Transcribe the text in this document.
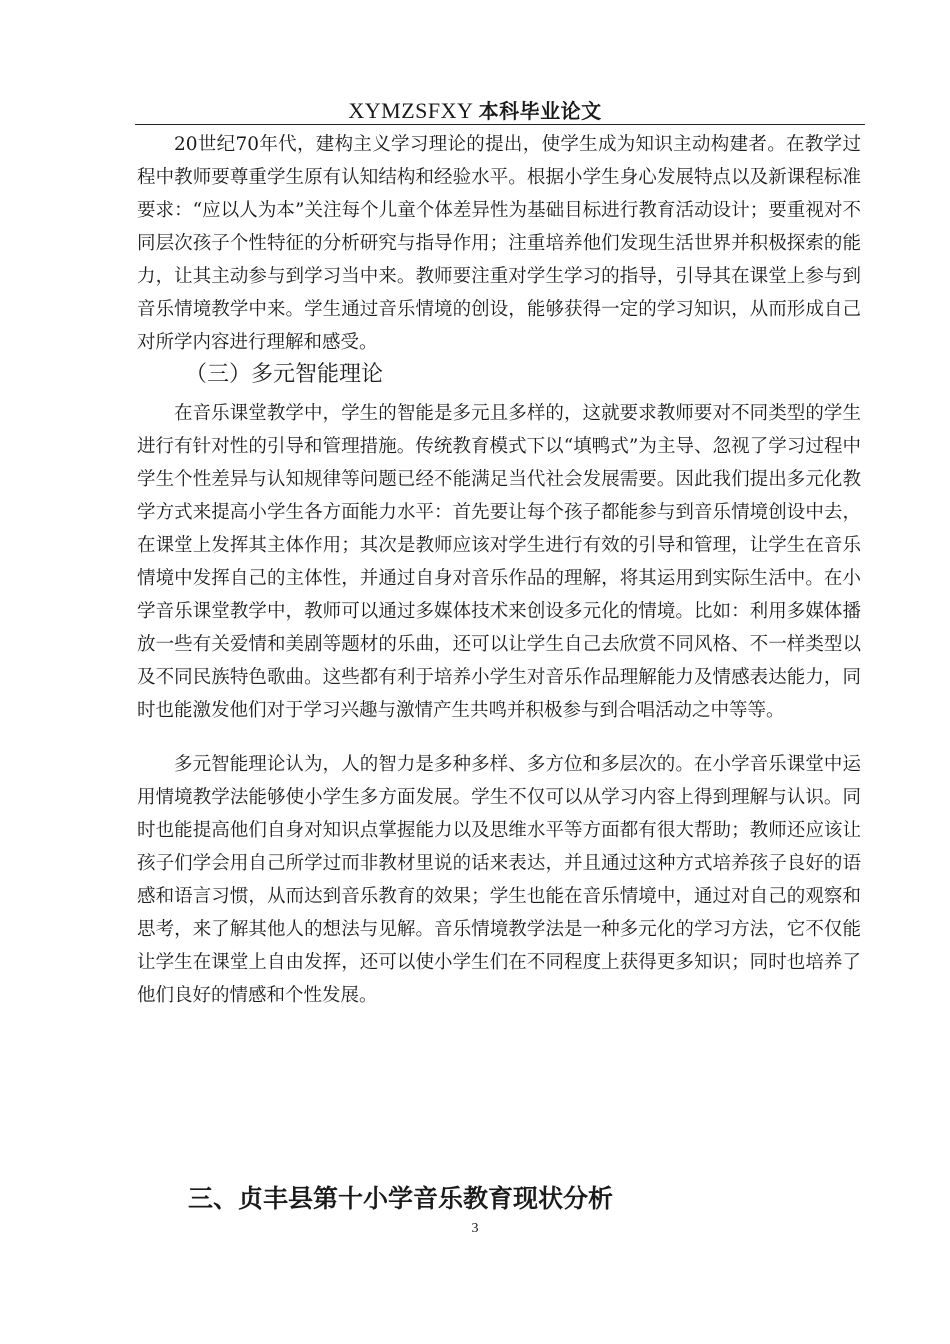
XYMZSFXY 本科毕业论文

20世纪70年代，建构主义学习理论的提出，使学生成为知识主动构建者。在教学过程中教师要尊重学生原有认知结构和经验水平。根据小学生身心发展特点以及新课程标准要求：“应以人为本”关注每个儿童个体差异性为基础目标进行教育活动设计；要重视对不同层次孩子个性特征的分析研究与指导作用；注重培养他们发现生活世界并积极探索的能力，让其主动参与到学习当中来。教师要注重对学生学习的指导，引导其在课堂上参与到音乐情境教学中来。学生通过音乐情境的创设，能够获得一定的学习知识，从而形成自己对所学内容进行理解和感受。

（三）多元智能理论

在音乐课堂教学中，学生的智能是多元且多样的，这就要求教师要对不同类型的学生进行有针对性的引导和管理措施。传统教育模式下以“填鸭式”为主导、忽视了学习过程中学生个性差异与认知规律等问题已经不能满足当代社会发展需要。因此我们提出多元化教学方式来提高小学生各方面能力水平：首先要让每个孩子都能参与到音乐情境创设中去，在课堂上发挥其主体作用；其次是教师应该对学生进行有效的引导和管理，让学生在音乐情境中发挥自己的主体性，并通过自身对音乐作品的理解，将其运用到实际生活中。在小学音乐课堂教学中，教师可以通过多媒体技术来创设多元化的情境。比如：利用多媒体播放一些有关爱情和美剧等题材的乐曲，还可以让学生自己去欣赏不同风格、不一样类型以及不同民族特色歌曲。这些都有利于培养小学生对音乐作品理解能力及情感表达能力，同时也能激发他们对于学习兴趣与激情产生共鸣并积极参与到合唱活动之中等等。

多元智能理论认为，人的智力是多种多样、多方位和多层次的。在小学音乐课堂中运用情境教学法能够使小学生多方面发展。学生不仅可以从学习内容上得到理解与认识。同时也能提高他们自身对知识点掌握能力以及思维水平等方面都有很大帮助；教师还应该让孩子们学会用自己所学过而非教材里说的话来表达，并且通过这种方式培养孩子良好的语感和语言习惯，从而达到音乐教育的效果；学生也能在音乐情境中，通过对自己的观察和思考，来了解其他人的想法与见解。音乐情境教学法是一种多元化的学习方法，它不仅能让学生在课堂上自由发挥，还可以使小学生们在不同程度上获得更多知识；同时也培养了他们良好的情感和个性发展。

三、贞丰县第十小学音乐教育现状分析
3
